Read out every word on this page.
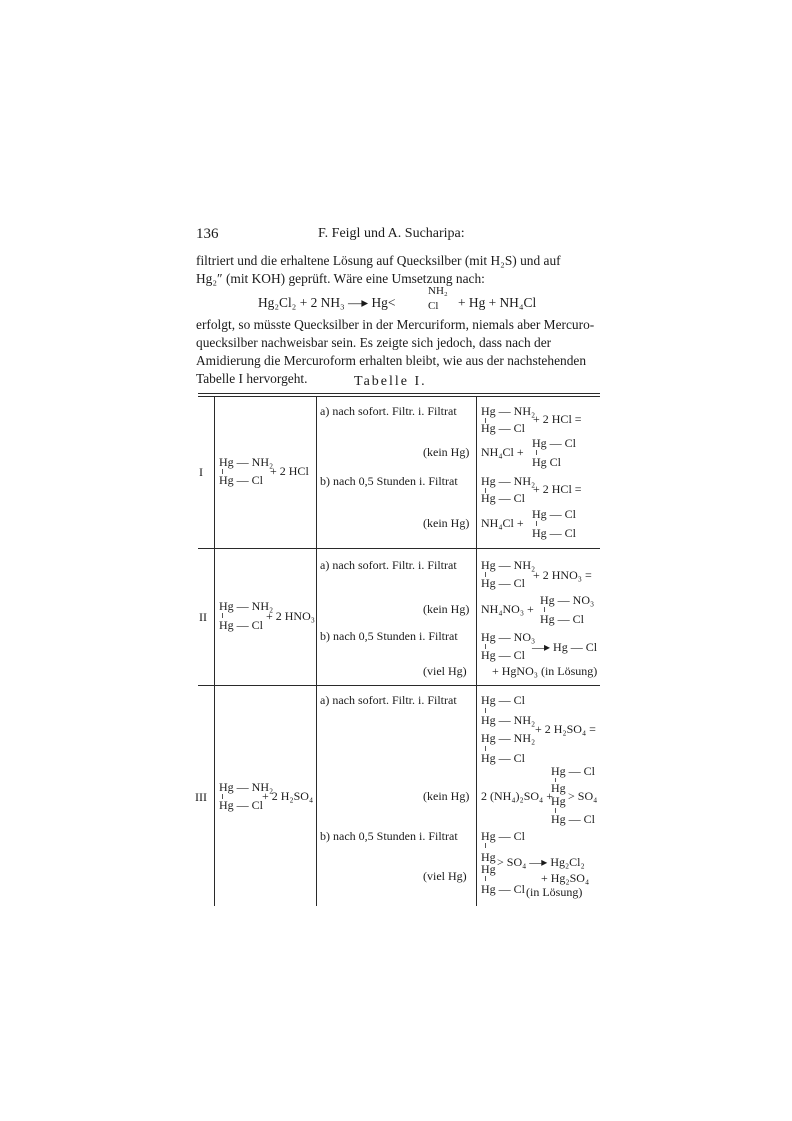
136	F. Feigl und A. Sucharipa:
filtriert und die erhaltene Lösung auf Quecksilber (mit H₂S) und auf
Hg₂″ (mit KOH) geprüft. Wäre eine Umsetzung nach:
Hg₂Cl₂ + 2 NH₃ —▸ Hg<
NH₂
Cl + Hg + NH₄Cl
erfolgt, so müsste Quecksilber in der Mercuriform, niemals aber Mercuro-
quecksilber nachweisbar sein. Es zeigte sich jedoch, dass nach der
Amidierung die Mercuroform erhalten bleibt, wie aus der nachstehenden
Tabelle I hervorgeht.	Tabelle I.
I
Hg — NH₂
Hg — Cl
+ 2 HCl
a) nach sofort. Filtr. i. Filtrat
(kein Hg)
b) nach 0,5 Stunden i. Filtrat
(kein Hg)
Hg — NH₂
+ 2 HCl =
Hg — Cl
Hg — Cl
NH₄Cl +
Hg Cl
Hg — NH₂
+ 2 HCl =
Hg — Cl
Hg — Cl
NH₄Cl +
Hg — Cl
II
Hg — NH₂
Hg — Cl
+ 2 HNO₃
a) nach sofort. Filtr. i. Filtrat
(kein Hg)
b) nach 0,5 Stunden i. Filtrat
(viel Hg)
Hg — NH₂
+ 2 HNO₃ =
Hg — Cl
Hg — NO₃
NH₄NO₃ +
Hg — Cl
Hg — NO₃
—▸ Hg — Cl
Hg — Cl
+ HgNO₃ (in Lösung)
III
Hg — NH₂
Hg — Cl
+ 2 H₂SO₄
a) nach sofort. Filtr. i. Filtrat
(kein Hg)
b) nach 0,5 Stunden i. Filtrat
(viel Hg)
Hg — Cl
Hg — NH₂
+ 2 H₂SO₄ =
Hg — NH₂
Hg — Cl
Hg — Cl
2 (NH₄)₂SO₄ +
Hg
Hg > SO₄
Hg — Cl
Hg — Cl
Hg
Hg > SO₄ —▸ Hg₂Cl₂
+ Hg₂SO₄
Hg — Cl (in Lösung)
